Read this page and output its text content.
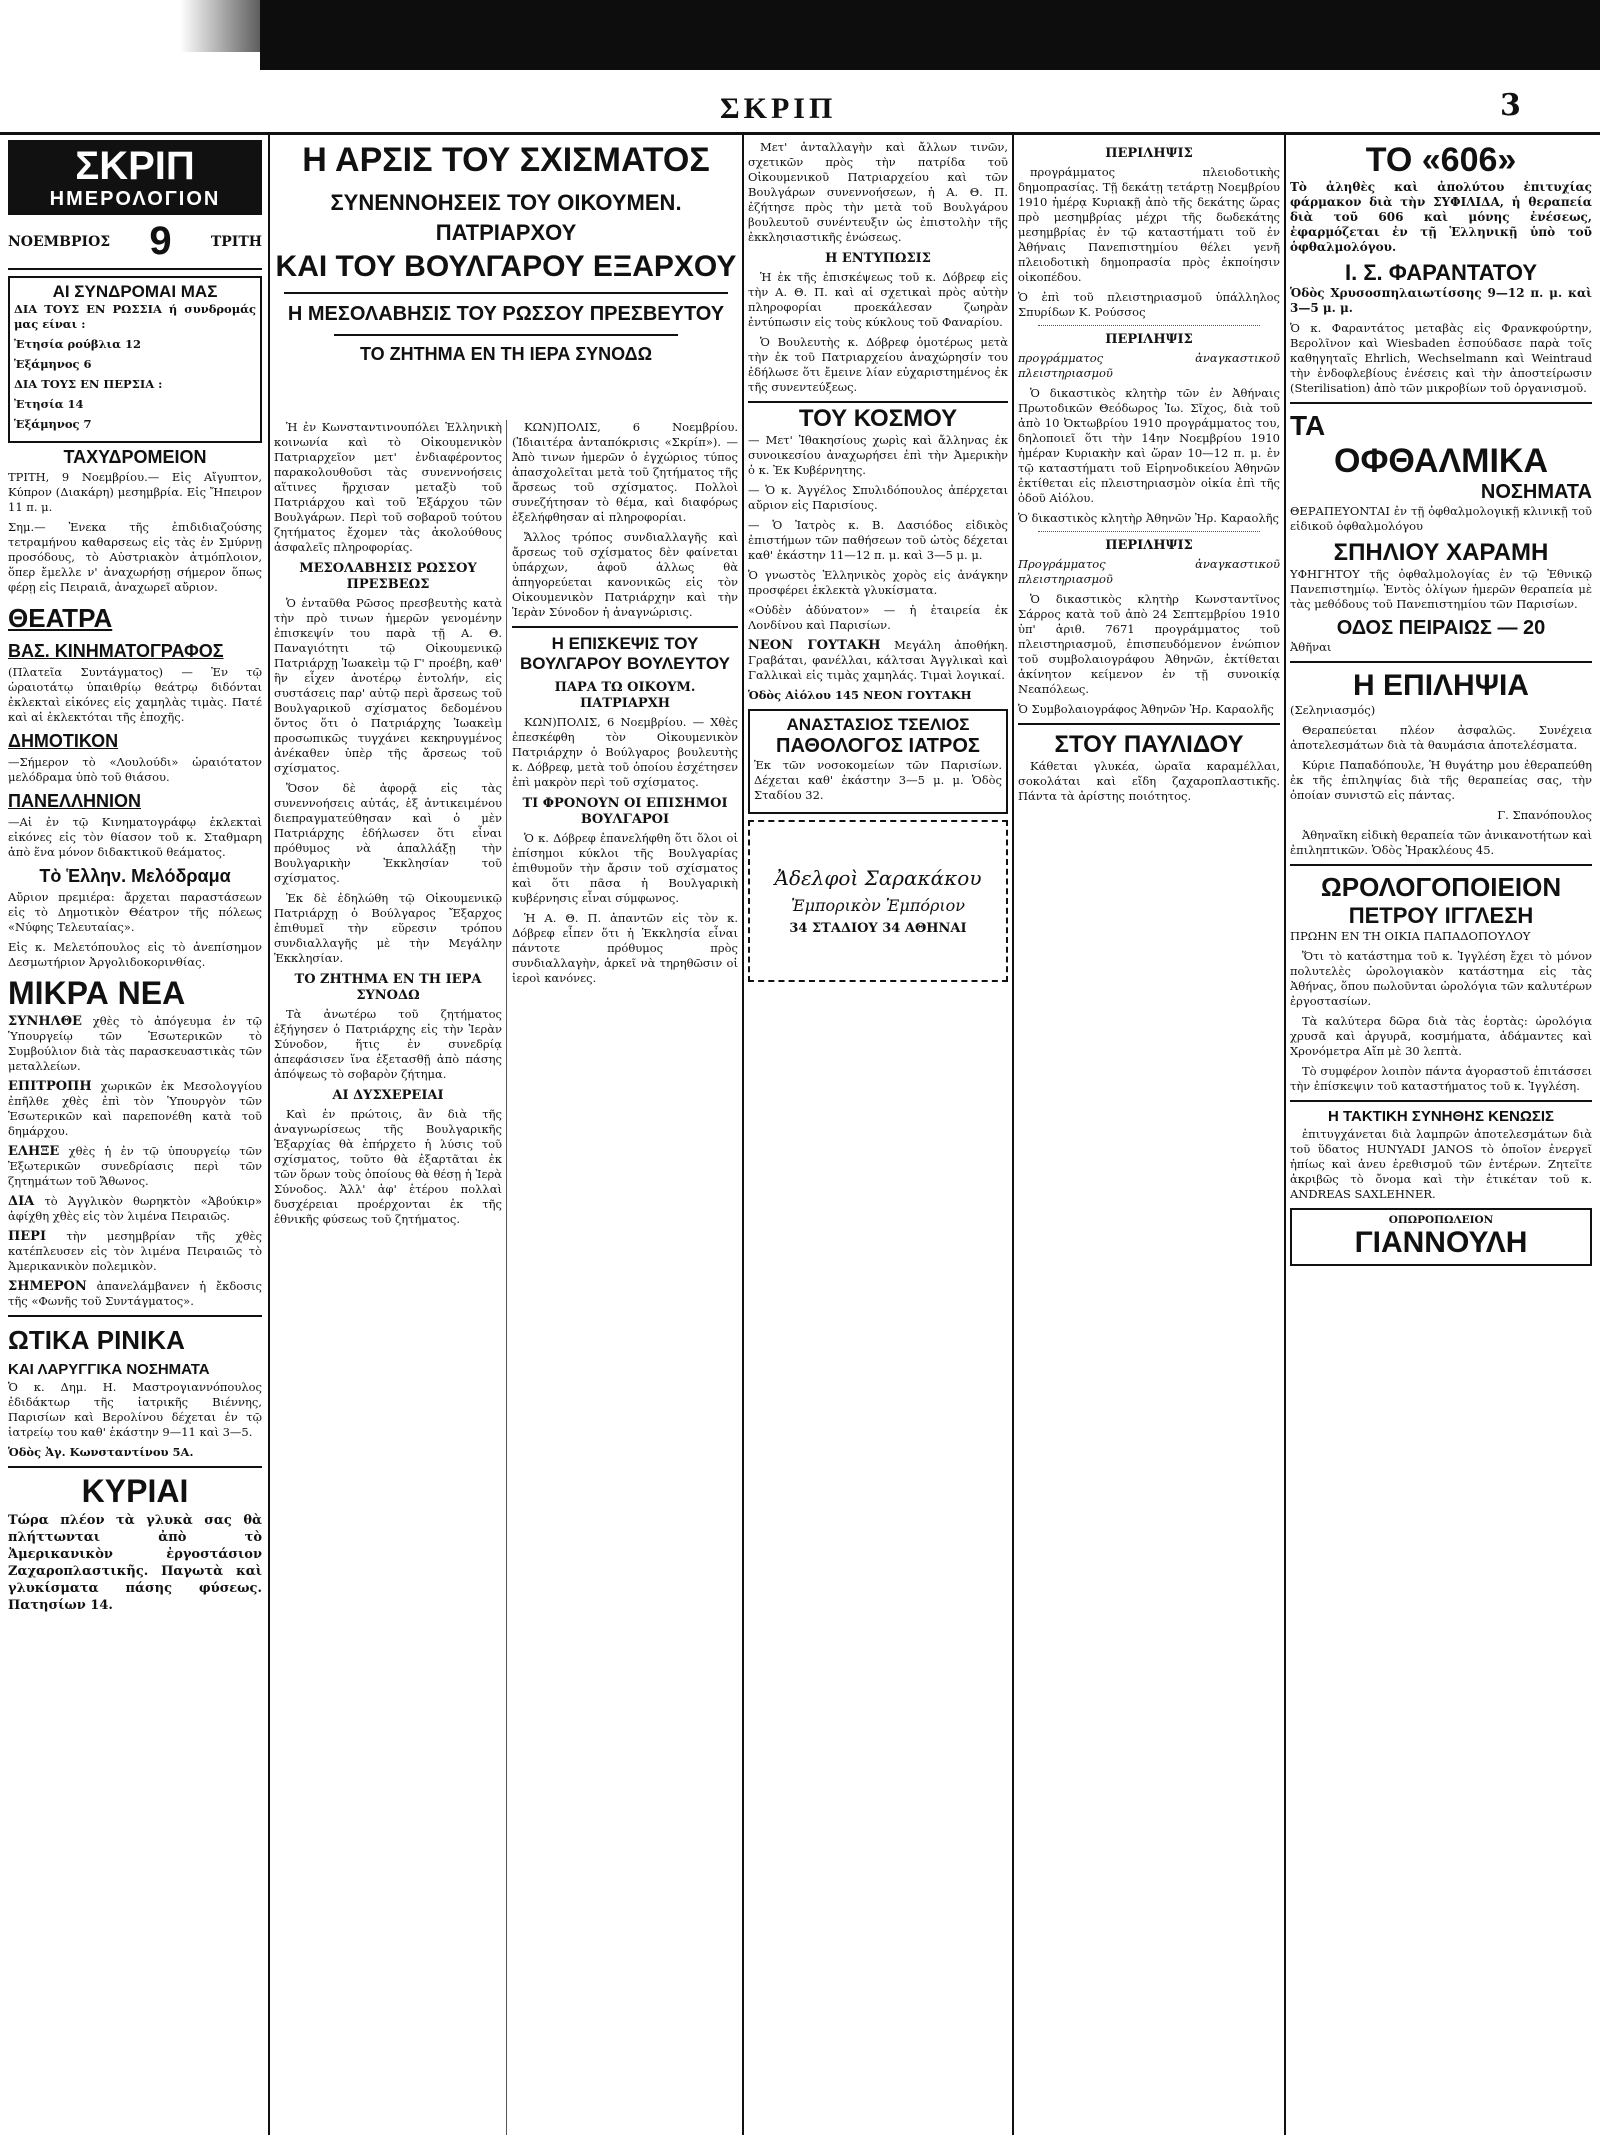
ΣΚΡΙΠ	3
ΣΚΡΙΠ
ΗΜΕΡΟΛΟΓΙΟΝ
ΝΟΕΜΒΡΙΟΣ 9	ΤΡΙΤΗ
ΑΙ ΣΥΝΔΡΟΜΑΙ ΜΑΣ

ΔΙΑ ΤΟΥΣ ΕΝ ΡΩΣΣΙΑ ή συνδρομάς μας είναι :

Ἐτησία ρούβλια 12

Ἑξάμηνος 6

ΔΙΑ ΤΟΥΣ ΕΝ ΠΕΡΣΙΑ :

Ἐτησία 14

Ἑξάμηνος 7

ΤΑΧΥΔΡΟΜΕΙΟΝ

ΤΡΙΤΗ, 9 Νοεμβρίου.— Εἰς Αἴγυπτον, Κύπρον (Διακάρη) μεσημβρία. Εἰς Ἤπειρον 11 π. μ.

Σημ.— Ἐνεκα τῆς ἐπιδιδιαζούσης τετραμήνου καθαρσεως εἰς τὰς ἐν Σμύρνῃ προσόδους, τὸ Αὐστριακὸν ἀτμόπλοιον, ὅπερ ἔμελλε ν' ἀναχωρήσῃ σήμερον ὅπως φέρῃ εἰς Πειραιᾶ, ἀναχωρεῖ αὔριον.

ΘΕΑΤΡΑ
ΒΑΣ. ΚΙΝΗΜΑΤΟΓΡΑΦΟΣ

(Πλατεῖα Συντάγματος) — Ἐν τῷ ὡραιοτάτῳ ὑπαιθρίῳ θεάτρῳ διδόνται ἐκλεκταὶ εἰκόνες εἰς χαμηλὰς τιμὰς. Πατέ καὶ αἱ ἐκλεκτόται τῆς ἐποχῆς.

ΔΗΜΟΤΙΚΟΝ

—Σήμερον τὸ «Λουλούδι» ὡραιότατον μελόδραμα ὑπὸ τοῦ θιάσου.

ΠΑΝΕΛΛΗΝΙΟΝ

—Αἱ ἐν τῷ Κινηματογράφῳ ἐκλεκταὶ εἰκόνες εἰς τὸν θίασον τοῦ κ. Σταθμαρη ἀπὸ ἕνα μόνον διδακτικοῦ θεάματος.

Τὸ Ἑλλην. Μελόδραμα

Αὔριον πρεμιέρα: ἄρχεται παραστάσεων εἰς τὸ Δημοτικὸν Θέατρον τῆς πόλεως «Νύφης Τελευταίας».

Εἰς κ. Μελετόπουλος εἰς τὸ ἀνεπίσημον Δεσμωτήριον Ἀργολιδοκορινθίας.

ΜΙΚΡΑ ΝΕΑ

ΣΥΝΗΛΘΕ χθὲς τὸ ἀπόγευμα ἐν τῷ Ὑπουργείῳ τῶν Ἐσωτερικῶν τὸ Συμβούλιον διὰ τὰς παρασκευαστικὰς τῶν μεταλλείων.

ΕΠΙΤΡΟΠΗ χωρικῶν ἐκ Μεσολογγίου ἐπῆλθε χθὲς ἐπὶ τὸν Ὑπουργὸν τῶν Ἐσωτερικῶν καὶ παρεπονέθη κατὰ τοῦ δημάρχου.

ΕΛΗΞΕ χθὲς ἡ ἐν τῷ ὑπουργείῳ τῶν Ἐξωτερικῶν συνεδρίασις περὶ τῶν ζητημάτων τοῦ Ἄθωνος.

ΔΙΑ τὸ Ἀγγλικὸν θωρηκτὸν «Ἀβούκιρ» ἀφίχθη χθὲς εἰς τὸν λιμένα Πειραιῶς.

ΠΕΡΙ τὴν μεσημβρίαν τῆς χθὲς κατέπλευσεν εἰς τὸν λιμένα Πειραιῶς τὸ Ἀμερικανικὸν πολεμικὸν.

ΣΗΜΕΡΟΝ ἀπανελάμβανεν ἡ ἔκδοσις τῆς «Φωνῆς τοῦ Συντάγματος».

ΩΤΙΚΑ ΡΙΝΙΚΑ
ΚΑΙ ΛΑΡΥΓΓΙΚΑ ΝΟΣΗΜΑΤΑ

Ὁ κ. Δημ. Η. Μαστρογιαννόπουλος ἐδιδάκτωρ τῆς ἰατρικῆς Βιέννης, Παρισίων καὶ Βερολίνου δέχεται ἐν τῷ ἰατρείῳ του καθ' ἑκάστην 9—11 καὶ 3—5.

Ὁδὸς Ἀγ. Κωνσταντίνου 5Α.

ΚΥΡΙΑΙ

Τώρα πλέον τὰ γλυκὰ σας θὰ πλήττωνται ἀπὸ τὸ Ἀμερικανικὸν ἐργοστάσιον Ζαχαροπλαστικῆς. Παγωτὰ καὶ γλυκίσματα πάσης φύσεως. Πατησίων 14.

Η ΑΡΣΙΣ ΤΟΥ ΣΧΙΣΜΑΤΟΣ
ΣΥΝΕΝΝΟΗΣΕΙΣ ΤΟΥ ΟΙΚΟΥΜΕΝ. ΠΑΤΡΙΑΡΧΟΥ
ΚΑΙ ΤΟΥ ΒΟΥΛΓΑΡΟΥ ΕΞΑΡΧΟΥ
Η ΜΕΣΟΛΑΒΗΣΙΣ ΤΟΥ ΡΩΣΣΟΥ ΠΡΕΣΒΕΥΤΟΥ
ΤΟ ΖΗΤΗΜΑ ΕΝ ΤΗ ΙΕΡΑ ΣΥΝΟΔΩ

Ἡ ἐν Κωνσταντινουπόλει Ἑλληνικὴ κοινωνία καὶ τὸ Οἰκουμενικὸν Πατριαρχεῖον μετ' ἐνδιαφέροντος παρακολουθοῦσι τὰς συνεννοήσεις αἵτινες ἤρχισαν μεταξὺ τοῦ Πατριάρχου καὶ τοῦ Ἐξάρχου τῶν Βουλγάρων. Περὶ τοῦ σοβαροῦ τούτου ζητήματος ἔχομεν τὰς ἀκολούθους ἀσφαλεῖς πληροφορίας.

ΜΕΣΟΛΑΒΗΣΙΣ ΡΩΣΣΟΥ ΠΡΕΣΒΕΩΣ

Ὁ ἐνταῦθα Ρῶσος πρεσβευτὴς κατὰ τὴν πρὸ τινων ἡμερῶν γενομένην ἐπισκεψίν του παρὰ τῇ Α. Θ. Παναγιότητι τῷ Οἰκουμενικῷ Πατριάρχῃ Ἰωακεὶμ τῷ Γ' προέβη, καθ' ἣν εἶχεν ἀνοτέρῳ ἐντολήν, εἰς συστάσεις παρ' αὐτῷ περὶ ἄρσεως τοῦ Βουλγαρικοῦ σχίσματος δεδομένου ὄντος ὅτι ὁ Πατριάρχης Ἰωακεὶμ προσωπικῶς τυγχάνει κεκηρυγμένος ἀνέκαθεν ὑπὲρ τῆς ἄρσεως τοῦ σχίσματος.

Ὅσον δὲ ἀφορᾷ εἰς τὰς συνεννοήσεις αὐτάς, ἐξ ἀντικειμένου διεπραγματεύθησαν καὶ ὁ μὲν Πατριάρχης ἐδήλωσεν ὅτι εἶναι πρόθυμος νὰ ἀπαλλάξῃ τὴν Βουλγαρικὴν Ἐκκλησίαν τοῦ σχίσματος.

Ἐκ δὲ ἐδηλώθη τῷ Οἰκουμενικῷ Πατριάρχῃ ὁ Βούλγαρος Ἔξαρχος ἐπιθυμεῖ τὴν εὕρεσιν τρόπου συνδιαλλαγῆς μὲ τὴν Μεγάλην Ἐκκλησίαν.

ΤΟ ΖΗΤΗΜΑ ΕΝ ΤΗ ΙΕΡΑ ΣΥΝΟΔΩ

Τὰ ἀνωτέρω τοῦ ζητήματος ἐξήγησεν ὁ Πατριάρχης εἰς τὴν Ἱερὰν Σύνοδον, ἥτις ἐν συνεδρίᾳ ἀπεφάσισεν ἵνα ἐξετασθῇ ἀπὸ πάσης ἀπόψεως τὸ σοβαρὸν ζήτημα.

ΑΙ ΔΥΣΧΕΡΕΙΑΙ

Καὶ ἐν πρώτοις, ἂν διὰ τῆς ἀναγνωρίσεως τῆς Βουλγαρικῆς Ἐξαρχίας θὰ ἐπήρχετο ἡ λύσις τοῦ σχίσματος, τοῦτο θὰ ἐξαρτᾶται ἐκ τῶν ὅρων τοὺς ὁποίους θὰ θέσῃ ἡ Ἱερὰ Σύνοδος. Ἀλλ' ἀφ' ἑτέρου πολλαὶ δυσχέρειαι προέρχονται ἐκ τῆς ἐθνικῆς φύσεως τοῦ ζητήματος.

ΚΩΝ)ΠΟΛΙΣ, 6 Νοεμβρίου. (Ἰδιαιτέρα ἀνταπόκρισις «Σκρίπ»). — Ἀπὸ τινων ἡμερῶν ὁ ἐγχώριος τύπος ἀπασχολεῖται μετὰ τοῦ ζητήματος τῆς ἄρσεως τοῦ σχίσματος. Πολλοὶ συνεζήτησαν τὸ θέμα, καὶ διαφόρως ἐξελήφθησαν αἱ πληροφορίαι.

Ἄλλος τρόπος συνδιαλλαγῆς καὶ ἄρσεως τοῦ σχίσματος δὲν φαίνεται ὑπάρχων, ἀφοῦ ἀλλως θὰ ἀπηγορεύεται κανονικῶς εἰς τὸν Οἰκουμενικὸν Πατριάρχην καὶ τὴν Ἱερὰν Σύνοδον ἡ ἀναγνώρισις.

Η ΕΠΙΣΚΕΨΙΣ ΤΟΥ ΒΟΥΛΓΑΡΟΥ ΒΟΥΛΕΥΤΟΥ
ΠΑΡΑ ΤΩ ΟΙΚΟΥΜ. ΠΑΤΡΙΑΡΧΗ

ΚΩΝ)ΠΟΛΙΣ, 6 Νοεμβρίου. — Χθὲς ἐπεσκέφθη τὸν Οἰκουμενικὸν Πατριάρχην ὁ Βούλγαρος βουλευτὴς κ. Δόβρεφ, μετὰ τοῦ ὁποίου ἐσχέτησεν ἐπὶ μακρὸν περὶ τοῦ σχίσματος.

ΤΙ ΦΡΟΝΟΥΝ ΟΙ ΕΠΙΣΗΜΟΙ ΒΟΥΛΓΑΡΟΙ

Ὁ κ. Δόβρεφ ἐπανελήφθη ὅτι ὅλοι οἱ ἐπίσημοι κύκλοι τῆς Βουλγαρίας ἐπιθυμοῦν τὴν ἄρσιν τοῦ σχίσματος καὶ ὅτι πᾶσα ἡ Βουλγαρικὴ κυβέρνησις εἶναι σύμφωνος.

Ἡ Α. Θ. Π. ἀπαντῶν εἰς τὸν κ. Δόβρεφ εἶπεν ὅτι ἡ Ἐκκλησία εἶναι πάντοτε πρόθυμος πρὸς συνδιαλλαγὴν, ἀρκεῖ νὰ τηρηθῶσιν οἱ ἱεροὶ κανόνες.

Μετ' ἀνταλλαγὴν καὶ ἄλλων τινῶν, σχετικῶν πρὸς τὴν πατρίδα τοῦ Οἰκουμενικοῦ Πατριαρχείου καὶ τῶν Βουλγάρων συνεννοήσεων, ἡ Α. Θ. Π. ἐζήτησε πρὸς τὴν μετὰ τοῦ Βουλγάρου βουλευτοῦ συνέντευξιν ὡς ἐπιστολὴν τῆς ἐκκλησιαστικῆς ἑνώσεως.

Η ΕΝΤΥΠΩΣΙΣ

Ἡ ἐκ τῆς ἐπισκέψεως τοῦ κ. Δόβρεφ εἰς τὴν Α. Θ. Π. καὶ αἱ σχετικαὶ πρὸς αὐτὴν πληροφορίαι προεκάλεσαν ζωηρὰν ἐντύπωσιν εἰς τοὺς κύκλους τοῦ Φαναρίου.

Ὁ Βουλευτὴς κ. Δόβρεφ ὁμοτέρως μετὰ τὴν ἐκ τοῦ Πατριαρχείου ἀναχώρησίν του ἐδήλωσε ὅτι ἔμεινε λίαν εὐχαριστημένος ἐκ τῆς συνεντεύξεως.

ΤΟΥ ΚΟΣΜΟΥ

— Μετ' Ἰθακησίους χωρὶς καὶ ἄλληνας ἐκ συνοικεσίου ἀναχωρήσει ἐπὶ τὴν Ἀμερικὴν ὁ κ. Ἐκ Κυβέρνητης.

— Ὁ κ. Ἀγγέλος Σπυλιδόπουλος ἀπέρχεται αὔριον εἰς Παρισίους.

— Ὁ Ἰατρὸς κ. Β. Δασιόδος εἰδικὸς ἐπιστήμων τῶν παθήσεων τοῦ ὠτὸς δέχεται καθ' ἑκάστην 11—12 π. μ. καὶ 3—5 μ. μ.

Ὁ γνωστὸς Ἑλληνικὸς χορὸς εἰς ἀνάγκην προσφέρει ἐκλεκτὰ γλυκίσματα.

«Οὐδὲν ἀδύνατον» — ἡ ἐταιρεία ἐκ Λονδίνου καὶ Παρισίων.

ΝΕΟΝ ΓΟΥΤΑΚΗ Μεγάλη ἀποθήκη. Γραβάται, φανέλλαι, κάλτσαι Ἀγγλικαὶ καὶ Γαλλικαὶ εἰς τιμὰς χαμηλάς. Τιμαὶ λογικαί.

Ὁδὸς Αἰόλου 145 ΝΕΟΝ ΓΟΥΤΑΚΗ

ΑΝΑΣΤΑΣΙΟΣ ΤΣΕΛΙΟΣ
ΠΑΘΟΛΟΓΟΣ ΙΑΤΡΟΣ

Ἐκ τῶν νοσοκομείων τῶν Παρισίων. Δέχεται καθ' ἑκάστην 3—5 μ. μ. Ὁδὸς Σταδίου 32.

Ἀδελφοὶ Σαρακάκου
Ἐμπορικὸν Ἐμπόριον
34 ΣΤΑΔΙΟΥ 34 ΑΘΗΝΑΙ
ΠΕΡΙΛΗΨΙΣ

προγράμματος πλειοδοτικὴς δημοπρασίας. Τῇ δεκάτῃ τετάρτῃ Νοεμβρίου 1910 ἡμέρᾳ Κυριακῇ ἀπὸ τῆς δεκάτης ὥρας πρὸ μεσημβρίας μέχρι τῆς δωδεκάτης μεσημβρίας ἐν τῷ καταστήματι τοῦ ἐν Ἀθήναις Πανεπιστημίου θέλει γενῆ πλειοδοτικὴ δημοπρασία πρὸς ἐκποίησιν οἰκοπέδου.

Ὁ ἐπὶ τοῦ πλειστηριασμοῦ ὑπάλληλος Σπυρίδων Κ. Ρούσσος

ΠΕΡΙΛΗΨΙΣ

προγράμματος ἀναγκαστικοῦ πλειστηριασμοῦ

Ὁ δικαστικὸς κλητὴρ τῶν ἐν Ἀθήναις Πρωτοδικῶν Θεόδωρος Ἰω. Σῖχος, διὰ τοῦ ἀπὸ 10 Ὀκτωβρίου 1910 προγράμματος του, δηλοποιεῖ ὅτι τὴν 14ην Νοεμβρίου 1910 ἡμέραν Κυριακὴν καὶ ὥραν 10—12 π. μ. ἐν τῷ καταστήματι τοῦ Εἰρηνοδικείου Ἀθηνῶν ἐκτίθεται εἰς πλειστηριασμὸν οἰκία ἐπὶ τῆς ὁδοῦ Αἰόλου.

Ὁ δικαστικὸς κλητὴρ Ἀθηνῶν Ἠρ. Καραολῆς

ΠΕΡΙΛΗΨΙΣ

Προγράμματος ἀναγκαστικοῦ πλειστηριασμοῦ

Ὁ δικαστικὸς κλητὴρ Κωνσταντῖνος Σάρρος κατὰ τοῦ ἀπὸ 24 Σεπτεμβρίου 1910 ὑπ' ἀριθ. 7671 προγράμματος τοῦ πλειστηριασμοῦ, ἐπισπευδόμενον ἐνώπιον τοῦ συμβολαιογράφου Ἀθηνῶν, ἐκτίθεται ἀκίνητον κείμενον ἐν τῇ συνοικίᾳ Νεαπόλεως.

Ὁ Συμβολαιογράφος Ἀθηνῶν Ἠρ. Καραολῆς

ΣΤΟΥ ΠΑΥΛΙΔΟΥ

Κάθεται γλυκέα, ὡραῖα καραμέλλαι, σοκολάται καὶ εἴδη ζαχαροπλαστικῆς. Πάντα τὰ ἀρίστης ποιότητος.

ΤΟ «606»

Τὸ ἀληθὲς καὶ ἀπολύτου ἐπιτυχίας φάρμακον διὰ τὴν ΣΥΦΙΛΙΔΑ, ἡ θεραπεία διὰ τοῦ 606 καὶ μόνης ἐνέσεως, ἐφαρμόζεται ἐν τῇ Ἑλληνικῇ ὑπὸ τοῦ ὁφθαλμολόγου.

Ι. Σ. ΦΑΡΑΝΤΑΤΟΥ

Ὁδὸς Χρυσοσπηλαιωτίσσης 9—12 π. μ. καὶ 3—5 μ. μ.

Ὁ κ. Φαραντάτος μεταβὰς εἰς Φρανκφούρτην, Βερολῖνον καὶ Wiesbaden ἐσπούδασε παρὰ τοῖς καθηγηταῖς Ehrlich, Wechselmann καὶ Weintraud τὴν ἐνδοφλεβίους ἐνέσεις καὶ τὴν ἀποστείρωσιν (Sterilisation) ἀπὸ τῶν μικροβίων τοῦ ὀργανισμοῦ.

ΤΑ
ΟΦΘΑΛΜΙΚΑ
ΝΟΣΗΜΑΤΑ

ΘΕΡΑΠΕΥΟΝΤΑΙ ἐν τῇ ὀφθαλμολογικῇ κλινικῇ τοῦ εἰδικοῦ ὀφθαλμολόγου

ΣΠΗΛΙΟΥ ΧΑΡΑΜΗ

ΥΦΗΓΗΤΟΥ τῆς ὀφθαλμολογίας ἐν τῷ Ἐθνικῷ Πανεπιστημίῳ. Ἐντὸς ὀλίγων ἡμερῶν θεραπεία μὲ τὰς μεθόδους τοῦ Πανεπιστημίου τῶν Παρισίων.

ΟΔΟΣ ΠΕΙΡΑΙΩΣ — 20

Ἀθῆναι

Η ΕΠΙΛΗΨΙΑ

(Σεληνιασμός)

Θεραπεύεται πλέον ἀσφαλῶς. Συνέχεια ἀποτελεσμάτων διὰ τὰ θαυμάσια ἀποτελέσματα.

Κύριε Παπαδόπουλε, Ἡ θυγάτηρ μου ἐθεραπεύθη ἐκ τῆς ἐπιληψίας διὰ τῆς θεραπείας σας, τὴν ὁποίαν συνιστῶ εἰς πάντας.

Γ. Σπανόπουλος

Ἀθηναῖκη εἰδικὴ θεραπεία τῶν ἀνικανοτήτων καὶ ἐπιληπτικῶν. Ὁδὸς Ἡρακλέους 45.

ΩΡΟΛΟΓΟΠΟΙΕΙΟΝ
ΠΕΤΡΟΥ ΙΓΓΛΕΣΗ

ΠΡΩΗΝ ΕΝ ΤΗ ΟΙΚΙΑ ΠΑΠΑΔΟΠΟΥΛΟΥ

Ὅτι τὸ κατάστημα τοῦ κ. Ἰγγλέση ἔχει τὸ μόνον πολυτελὲς ὡρολογιακὸν κατάστημα εἰς τὰς Ἀθήνας, ὅπου πωλοῦνται ὡρολόγια τῶν καλυτέρων ἐργοστασίων.

Τὰ καλύτερα δῶρα διὰ τὰς ἑορτὰς: ὡρολόγια χρυσᾶ καὶ ἀργυρᾶ, κοσμήματα, ἀδάμαντες καὶ Χρονόμετρα Αἴπ μὲ 30 λεπτὰ.

Τὸ συμφέρον λοιπὸν πάντα ἀγοραστοῦ ἐπιτάσσει τὴν ἐπίσκεψιν τοῦ καταστήματος τοῦ κ. Ἰγγλέση.

Η ΤΑΚΤΙΚΗ ΣΥΝΗΘΗΣ ΚΕΝΩΣΙΣ

ἐπιτυγχάνεται διὰ λαμπρῶν ἀποτελεσμάτων διὰ τοῦ ὕδατος HUNYADI JANOS τὸ ὁποῖον ἐνεργεῖ ἠπίως καὶ ἀνευ ἐρεθισμοῦ τῶν ἐντέρων. Ζητεῖτε ἀκριβῶς τὸ ὄνομα καὶ τὴν ἑτικέταν τοῦ κ. ANDREAS SAXLEHNER.

ΟΠΩΡΟΠΩΛΕΙΟΝ
ΓΙΑΝΝΟΥΛΗ
